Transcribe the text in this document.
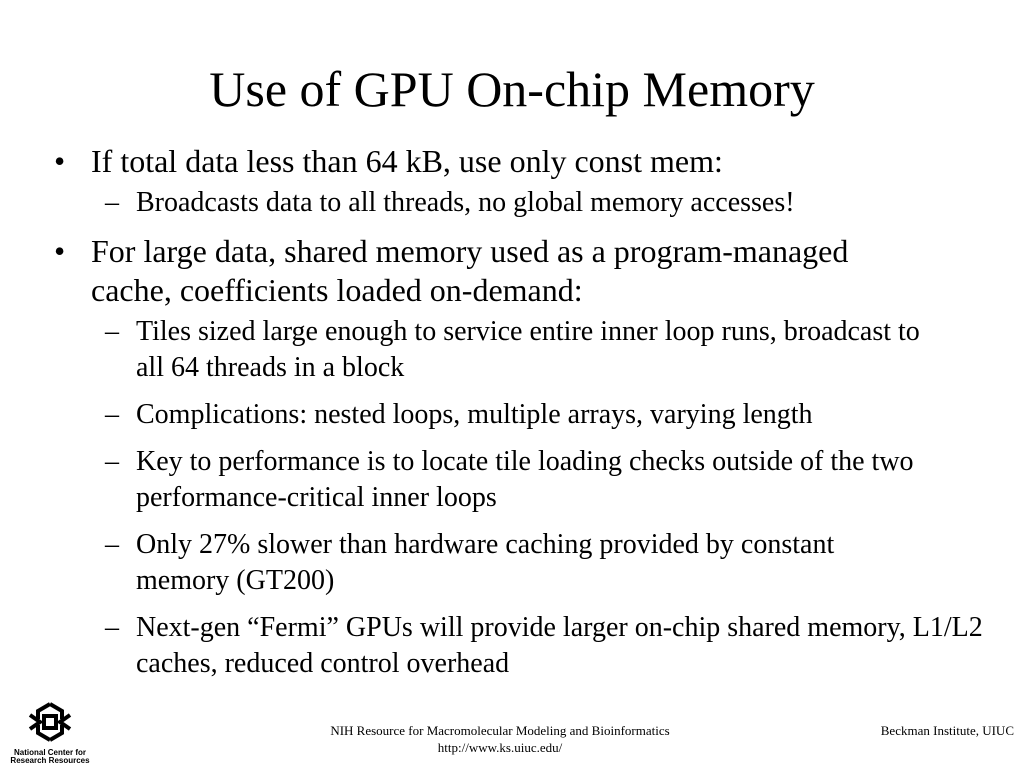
Use of GPU On-chip Memory
• If total data less than 64 kB, use only const mem:
– Broadcasts data to all threads, no global memory accesses!
• For large data, shared memory used as a program-managed cache, coefficients loaded on-demand:
– Tiles sized large enough to service entire inner loop runs, broadcast to all 64 threads in a block
– Complications: nested loops, multiple arrays, varying length
– Key to performance is to locate tile loading checks outside of the two performance-critical inner loops
– Only 27% slower than hardware caching provided by constant memory (GT200)
– Next-gen “Fermi” GPUs will provide larger on-chip shared memory, L1/L2 caches, reduced control overhead
National Center for
Research Resources
NIH Resource for Macromolecular Modeling and Bioinformatics
http://www.ks.uiuc.edu/
Beckman Institute, UIUC
